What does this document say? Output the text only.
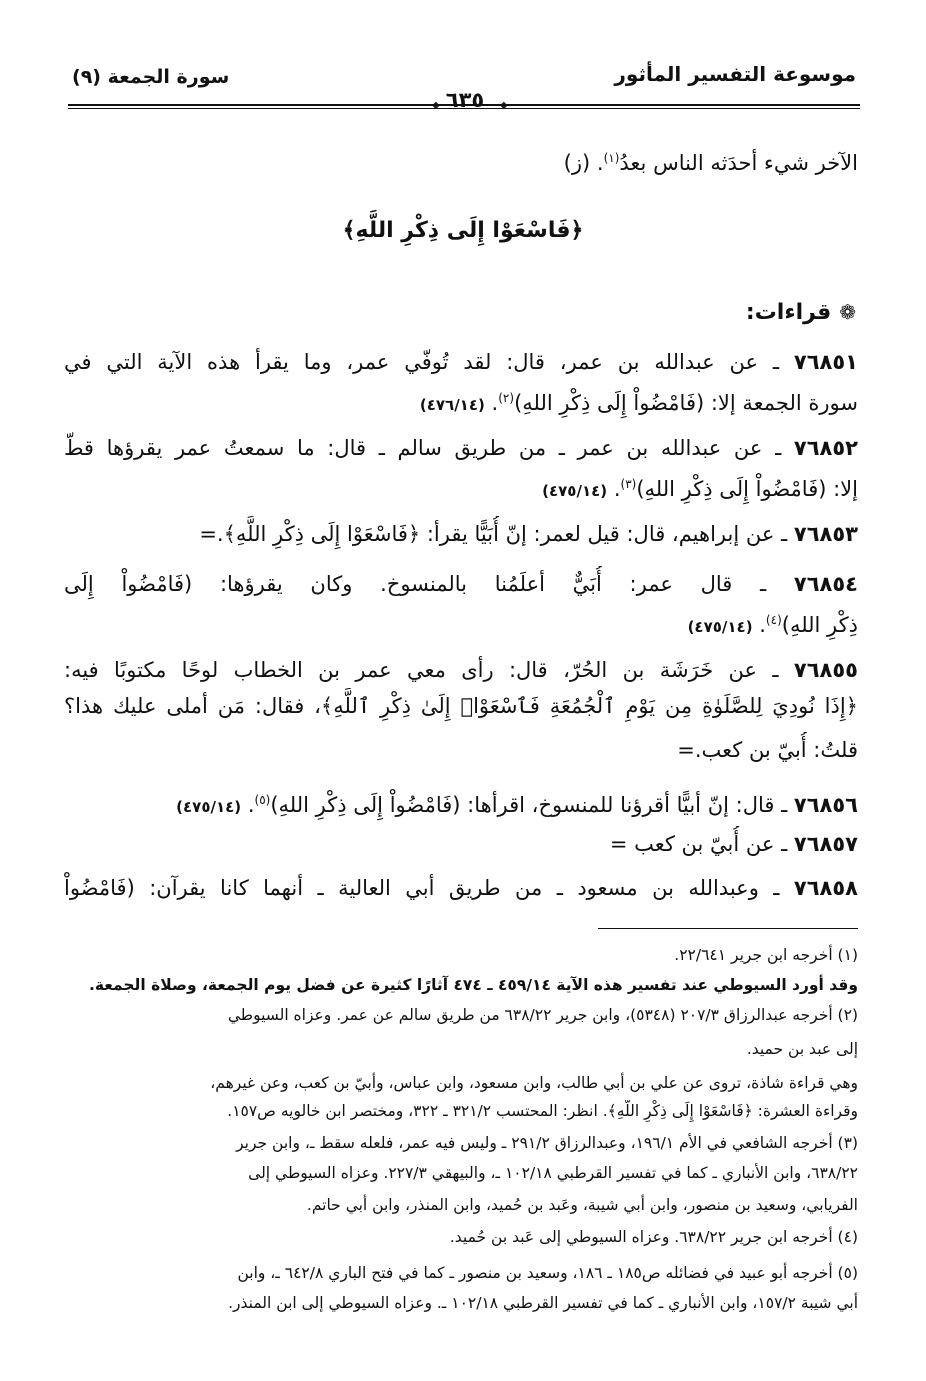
موسوعة التفسير المأثور
سورة الجمعة (٩)
٦٣٥
◆	◆
الآخر شيء أحدَثه الناس بعدُ$^{(١)}$. (ز)
﴿فَاسْعَوْا إِلَى ذِكْرِ اللَّهِ﴾
❁قراءات:
٧٦٨٥١ ـ عن عبدالله بن عمر، قال: لقد تُوفّي عمر، وما يقرأ هذه الآية التي في
سورة الجمعة إلا: (فَامْضُواْ إِلَى ذِكْرِ اللهِ)$^{(٢)}$. (٤٧٦/١٤)
٧٦٨٥٢ ـ عن عبدالله بن عمر ـ من طريق سالم ـ قال: ما سمعتُ عمر يقرؤها قطّ
إلا: (فَامْضُواْ إِلَى ذِكْرِ اللهِ)$^{(٣)}$. (٤٧٥/١٤)
٧٦٨٥٣ ـ عن إبراهيم، قال: قيل لعمر: إنّ أُبَيًّا يقرأ: ﴿فَاسْعَوْا إِلَى ذِكْرِ اللَّهِ﴾.=
٧٦٨٥٤ ـ قال عمر: أُبَيٌّ أعلَمُنا بالمنسوخ. وكان يقرؤها: (فَامْضُواْ إِلَى
ذِكْرِ اللهِ)$^{(٤)}$. (٤٧٥/١٤)
٧٦٨٥٥ ـ عن خَرَشَة بن الحُرّ، قال: رأى معي عمر بن الخطاب لوحًا مكتوبًا فيه:
﴿إِذَا نُودِيَ لِلصَّلَوٰةِ مِن يَوْمِ ٱلْجُمُعَةِ فَٱسْعَوْا۟ إِلَىٰ ذِكْرِ ٱللَّهِ﴾، فقال: مَن أملى عليك هذا؟
قلتُ: أُبيّ بن كعب.=
٧٦٨٥٦ ـ قال: إنّ أبيًّا أقرؤنا للمنسوخ، اقرأها: (فَامْضُواْ إِلَى ذِكْرِ اللهِ)$^{(٥)}$. (٤٧٥/١٤)
٧٦٨٥٧ ـ عن أُبيّ بن كعب =
٧٦٨٥٨ ـ وعبدالله بن مسعود ـ من طريق أبي العالية ـ أنهما كانا يقرآن: (فَامْضُواْ
(١) أخرجه ابن جرير ٢٢/٦٤١.
وقد أورد السيوطي عند تفسير هذه الآية ٤٥٩/١٤ ـ ٤٧٤ آثارًا كثيرة عن فضل يوم الجمعة، وصلاة الجمعة.
(٢) أخرجه عبدالرزاق ٢٠٧/٣ (٥٣٤٨)، وابن جرير ٦٣٨/٢٢ من طريق سالم عن عمر. وعزاه السيوطي
إلى عبد بن حميد.
وهي قراءة شاذة، تروى عن علي بن أبي طالب، وابن مسعود، وابن عباس، وأبيّ بن كعب، وعن غيرهم،
وقراءة العشرة: ﴿فَاسْعَوْا إِلَى ذِكْرِ اللَّهِ﴾. انظر: المحتسب ٣٢١/٢ ـ ٣٢٢، ومختصر ابن خالويه ص١٥٧.
(٣) أخرجه الشافعي في الأم ١٩٦/١، وعبدالرزاق ٢٩١/٢ ـ وليس فيه عمر، فلعله سقط ـ، وابن جرير
٦٣٨/٢٢، وابن الأنباري ـ كما في تفسير القرطبي ١٠٢/١٨ ـ، والبيهقي ٢٢٧/٣. وعزاه السيوطي إلى
الفريابي، وسعيد بن منصور، وابن أبي شيبة، وعَبد بن حُميد، وابن المنذر، وابن أبي حاتم.
(٤) أخرجه ابن جرير ٦٣٨/٢٢. وعزاه السيوطي إلى عَبد بن حُميد.
(٥) أخرجه أبو عبيد في فضائله ص١٨٥ ـ ١٨٦، وسعيد بن منصور ـ كما في فتح الباري ٦٤٢/٨ ـ، وابن
أبي شيبة ١٥٧/٢، وابن الأنباري ـ كما في تفسير القرطبي ١٠٢/١٨ ـ. وعزاه السيوطي إلى ابن المنذر.
